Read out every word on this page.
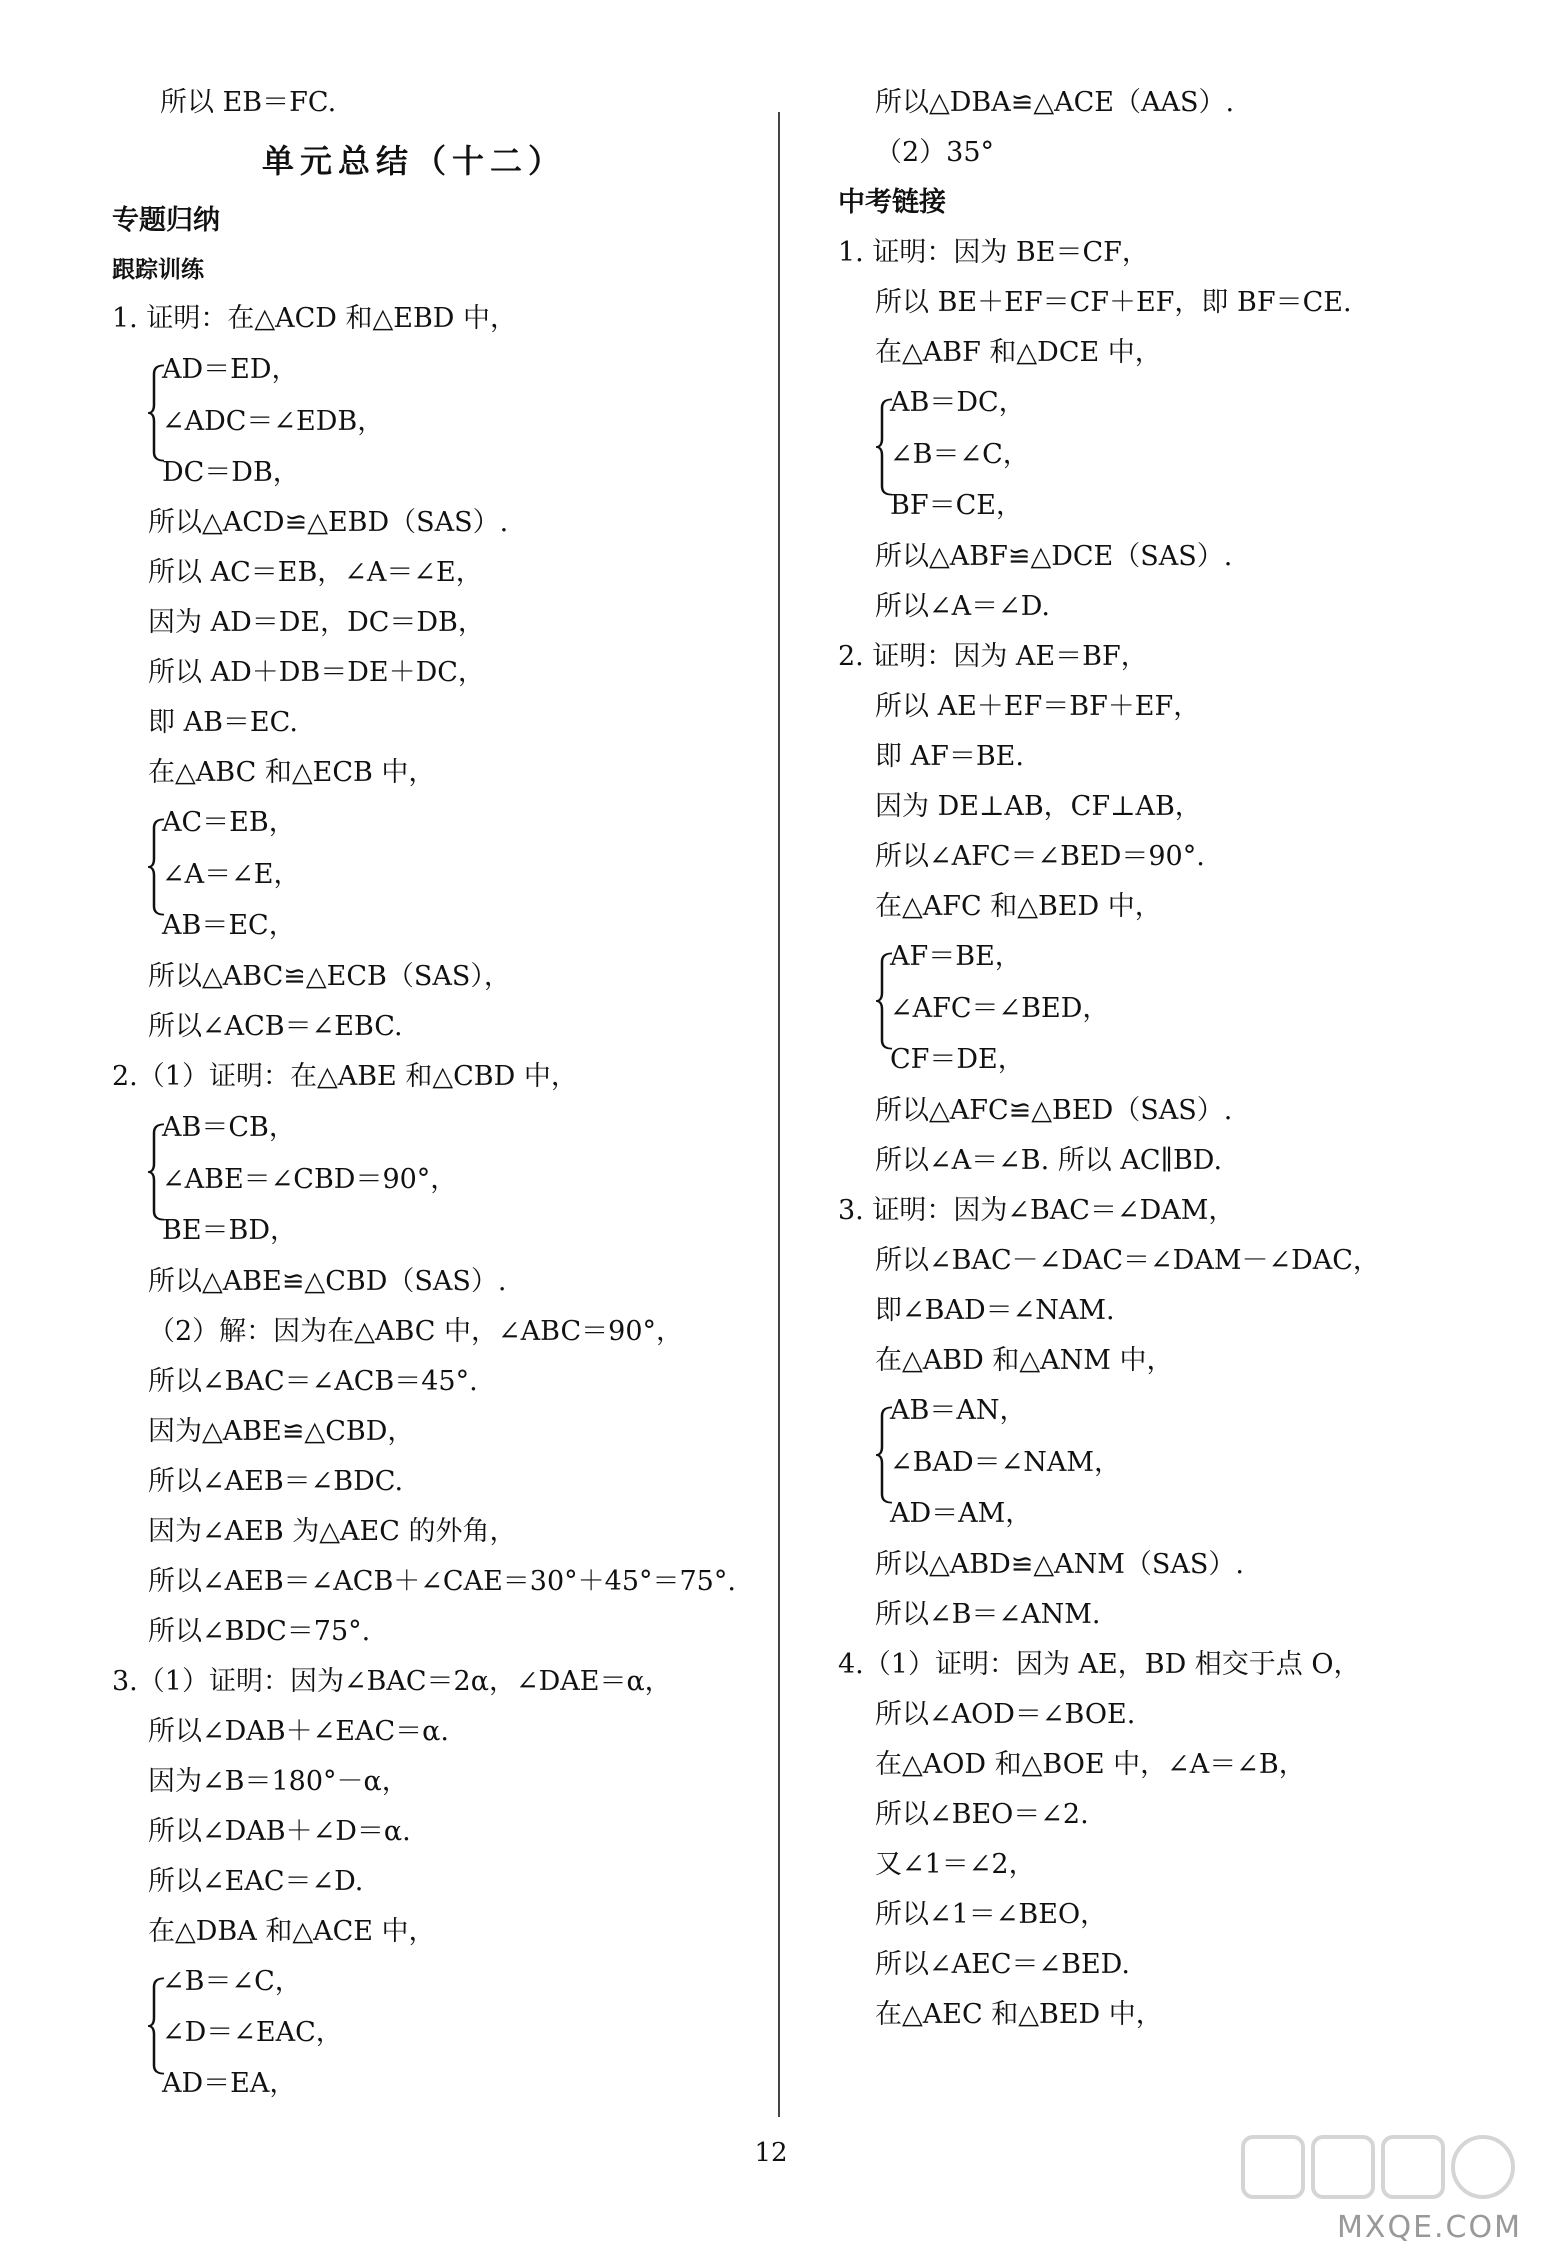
所以 EB＝FC.
单元总结（十二）
专题归纳
跟踪训练
1. 证明：在△ACD 和△EBD 中，
AD＝ED，
∠ADC＝∠EDB，
DC＝DB，
所以△ACD≌△EBD（SAS）.
所以 AC＝EB，∠A＝∠E，
因为 AD＝DE，DC＝DB，
所以 AD＋DB＝DE＋DC，
即 AB＝EC.
在△ABC 和△ECB 中，
AC＝EB，
∠A＝∠E，
AB＝EC，
所以△ABC≌△ECB（SAS），
所以∠ACB＝∠EBC.
2.（1）证明：在△ABE 和△CBD 中，
AB＝CB，
∠ABE＝∠CBD＝90°，
BE＝BD，
所以△ABE≌△CBD（SAS）.
（2）解：因为在△ABC 中，∠ABC＝90°，
所以∠BAC＝∠ACB＝45°.
因为△ABE≌△CBD，
所以∠AEB＝∠BDC.
因为∠AEB 为△AEC 的外角，
所以∠AEB＝∠ACB＋∠CAE＝30°＋45°＝75°.
所以∠BDC＝75°.
3.（1）证明：因为∠BAC＝2α，∠DAE＝α，
所以∠DAB＋∠EAC＝α.
因为∠B＝180°－α，
所以∠DAB＋∠D＝α.
所以∠EAC＝∠D.
在△DBA 和△ACE 中，
∠B＝∠C，
∠D＝∠EAC，
AD＝EA，
所以△DBA≌△ACE（AAS）.
（2）35°
中考链接
1. 证明：因为 BE＝CF，
所以 BE＋EF＝CF＋EF，即 BF＝CE.
在△ABF 和△DCE 中，
AB＝DC，
∠B＝∠C，
BF＝CE，
所以△ABF≌△DCE（SAS）.
所以∠A＝∠D.
2. 证明：因为 AE＝BF，
所以 AE＋EF＝BF＋EF，
即 AF＝BE.
因为 DE⊥AB，CF⊥AB，
所以∠AFC＝∠BED＝90°.
在△AFC 和△BED 中，
AF＝BE，
∠AFC＝∠BED，
CF＝DE，
所以△AFC≌△BED（SAS）.
所以∠A＝∠B. 所以 AC∥BD.
3. 证明：因为∠BAC＝∠DAM，
所以∠BAC－∠DAC＝∠DAM－∠DAC，
即∠BAD＝∠NAM.
在△ABD 和△ANM 中，
AB＝AN，
∠BAD＝∠NAM，
AD＝AM，
所以△ABD≌△ANM（SAS）.
所以∠B＝∠ANM.
4.（1）证明：因为 AE，BD 相交于点 O，
所以∠AOD＝∠BOE.
在△AOD 和△BOE 中，∠A＝∠B，
所以∠BEO＝∠2.
又∠1＝∠2，
所以∠1＝∠BEO，
所以∠AEC＝∠BED.
在△AEC 和△BED 中，
12
MXQE.COM
